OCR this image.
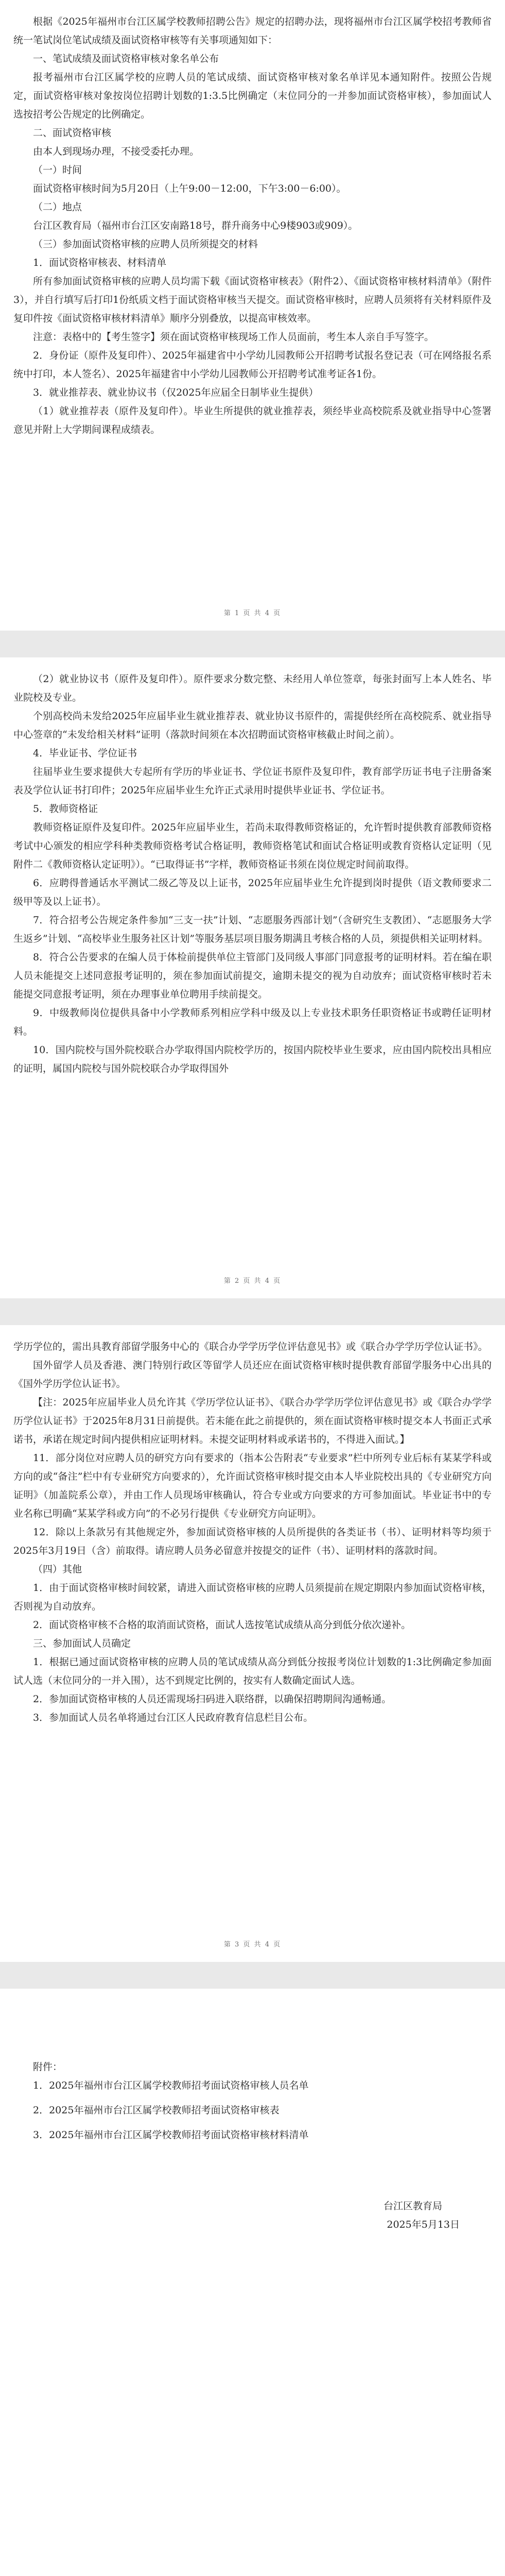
根据《2025年福州市台江区属学校教师招聘公告》规定的招聘办法，现将福州市台江区属学校招考教师省统一笔试岗位笔试成绩及面试资格审核等有关事项通知如下：

一、笔试成绩及面试资格审核对象名单公布

报考福州市台江区属学校的应聘人员的笔试成绩、面试资格审核对象名单详见本通知附件。按照公告规定，面试资格审核对象按岗位招聘计划数的1:3.5比例确定（末位同分的一并参加面试资格审核），参加面试人选按招考公告规定的比例确定。

二、面试资格审核

由本人到现场办理，不接受委托办理。

（一）时间

面试资格审核时间为5月20日（上午9:00－12:00，下午3:00－6:00）。

（二）地点

台江区教育局（福州市台江区安南路18号，群升商务中心9楼903或909）。

（三）参加面试资格审核的应聘人员所须提交的材料

1．面试资格审核表、材料清单

所有参加面试资格审核的应聘人员均需下载《面试资格审核表》（附件2）、《面试资格审核材料清单》（附件3），并自行填写后打印1份纸质文档于面试资格审核当天提交。面试资格审核时，应聘人员须将有关材料原件及复印件按《面试资格审核材料清单》顺序分别叠放，以提高审核效率。

注意：表格中的【考生签字】须在面试资格审核现场工作人员面前，考生本人亲自手写签字。

2．身份证（原件及复印件）、2025年福建省中小学幼儿园教师公开招聘考试报名登记表（可在网络报名系统中打印，本人签名）、2025年福建省中小学幼儿园教师公开招聘考试准考证各1份。

3．就业推荐表、就业协议书（仅2025年应届全日制毕业生提供）

（1）就业推荐表（原件及复印件）。毕业生所提供的就业推荐表，须经毕业高校院系及就业指导中心签署意见并附上大学期间课程成绩表。

第 1 页 共 4 页

（2）就业协议书（原件及复印件）。原件要求分数完整、未经用人单位签章，每张封面写上本人姓名、毕业院校及专业。

个别高校尚未发给2025年应届毕业生就业推荐表、就业协议书原件的，需提供经所在高校院系、就业指导中心签章的“未发给相关材料”证明（落款时间须在本次招聘面试资格审核截止时间之前）。

4．毕业证书、学位证书

往届毕业生要求提供大专起所有学历的毕业证书、学位证书原件及复印件，教育部学历证书电子注册备案表及学位认证书打印件；2025年应届毕业生允许正式录用时提供毕业证书、学位证书。

5．教师资格证

教师资格证原件及复印件。2025年应届毕业生，若尚未取得教师资格证的，允许暂时提供教育部教师资格考试中心颁发的相应学科种类教师资格考试合格证明，教师资格笔试和面试合格证明或教育资格认定证明（见附件二《教师资格认定证明》）。“已取得证书”字样，教师资格证书须在岗位规定时间前取得。

6．应聘得普通话水平测试二级乙等及以上证书，2025年应届毕业生允许提到岗时提供（语文教师要求二级甲等及以上证书）。

7．符合招考公告规定条件参加“三支一扶”计划、“志愿服务西部计划”（含研究生支教团）、“志愿服务大学生返乡”计划、“高校毕业生服务社区计划”等服务基层项目服务期满且考核合格的人员，须提供相关证明材料。

8．符合公告要求的在编人员于体检前提供单位主管部门及同级人事部门同意报考的证明材料。若在编在职人员未能提交上述同意报考证明的，须在参加面试前提交，逾期未提交的视为自动放弃；面试资格审核时若未能提交同意报考证明，须在办理事业单位聘用手续前提交。

9．中级教师岗位提供具备中小学教师系列相应学科中级及以上专业技术职务任职资格证书或聘任证明材料。

10．国内院校与国外院校联合办学取得国内院校学历的，按国内院校毕业生要求，应由国内院校出具相应的证明，属国内院校与国外院校联合办学取得国外

第 2 页 共 4 页

学历学位的，需出具教育部留学服务中心的《联合办学学历学位评估意见书》或《联合办学学历学位认证书》。

国外留学人员及香港、澳门特别行政区等留学人员还应在面试资格审核时提供教育部留学服务中心出具的《国外学历学位认证书》。

【注：2025年应届毕业人员允许其《学历学位认证书》、《联合办学学历学位评估意见书》或《联合办学学历学位认证书》于2025年8月31日前提供。若未能在此之前提供的，须在面试资格审核时提交本人书面正式承诺书，承诺在规定时间内提供相应证明材料。未提交证明材料或承诺书的，不得进入面试。】

11．部分岗位对应聘人员的研究方向有要求的（指本公告附表“专业要求”栏中所列专业后标有某某学科或方向的或“备注”栏中有专业研究方向要求的），允许面试资格审核时提交由本人毕业院校出具的《专业研究方向证明》（加盖院系公章），并由工作人员现场审核确认，符合专业或方向要求的方可参加面试。毕业证书中的专业名称已明确“某某学科或方向”的不必另行提供《专业研究方向证明》。

12．除以上条款另有其他规定外，参加面试资格审核的人员所提供的各类证书（书）、证明材料等均须于2025年3月19日（含）前取得。请应聘人员务必留意并按提交的证件（书）、证明材料的落款时间。

（四）其他

1．由于面试资格审核时间较紧，请进入面试资格审核的应聘人员须提前在规定期限内参加面试资格审核，否则视为自动放弃。

2．面试资格审核不合格的取消面试资格，面试人选按笔试成绩从高分到低分依次递补。

三、参加面试人员确定

1．根据已通过面试资格审核的应聘人员的笔试成绩从高分到低分按报考岗位计划数的1:3比例确定参加面试人选（末位同分的一并入围），达不到规定比例的，按实有人数确定面试人选。

2．参加面试资格审核的人员还需现场扫码进入联络群，以确保招聘期间沟通畅通。

3．参加面试人员名单将通过台江区人民政府教育信息栏目公布。

第 3 页 共 4 页

附件：

1．2025年福州市台江区属学校教师招考面试资格审核人员名单

2．2025年福州市台江区属学校教师招考面试资格审核表

3．2025年福州市台江区属学校教师招考面试资格审核材料清单

台江区教育局

2025年5月13日
